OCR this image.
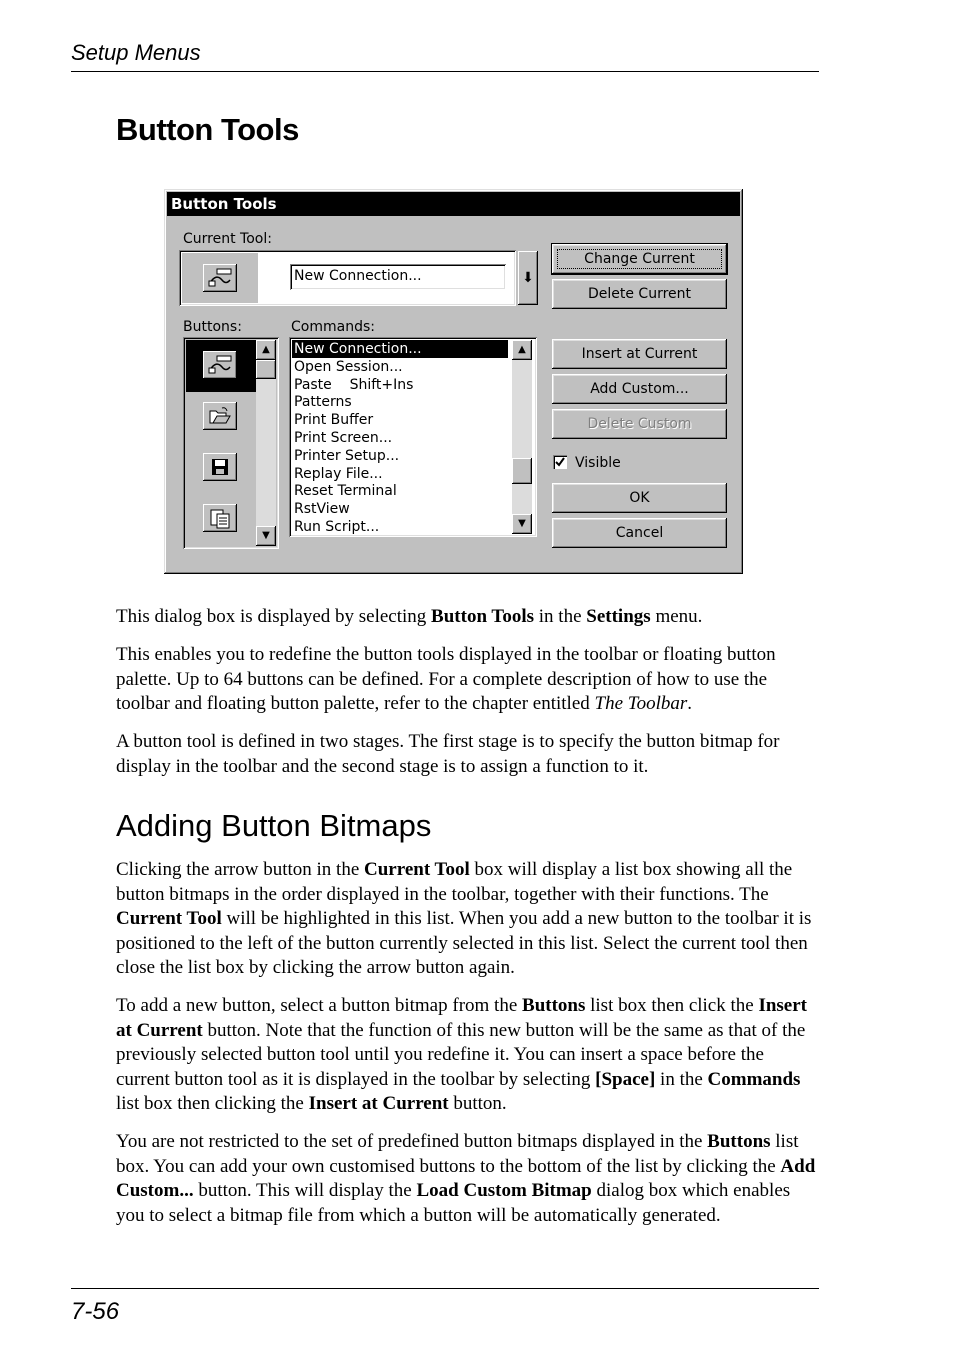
Setup Menus
Button Tools
Button Tools
Current Tool:
New Connection...	⬇
Change Current
Delete Current
Buttons:	Commands:
▲
▼
New Connection...
Open Session...
Paste    Shift+Ins
Patterns
Print Buffer
Print Screen...
Printer Setup...
Replay File...
Reset Terminal
RstView
Run Script...
▲
▼
Insert at Current
Add Custom...
Delete Custom
Visible
OK
Cancel

This dialog box is displayed by selecting Button Tools in the Settings menu.

This enables you to redefine the button tools displayed in the toolbar or floating button palette. Up to 64 buttons can be defined. For a complete description of how to use the toolbar and floating button palette, refer to the chapter entitled The Toolbar.

A button tool is defined in two stages. The first stage is to specify the button bitmap for display in the toolbar and the second stage is to assign a function to it.

Adding Button Bitmaps

Clicking the arrow button in the Current Tool box will display a list box showing all the button bitmaps in the order displayed in the toolbar, together with their functions. The Current Tool will be highlighted in this list. When you add a new button to the toolbar it is positioned to the left of the button currently selected in this list. Select the current tool then close the list box by clicking the arrow button again.

To add a new button, select a button bitmap from the Buttons list box then click the Insert at Current button. Note that the function of this new button will be the same as that of the previously selected button tool until you redefine it. You can insert a space before the current button tool as it is displayed in the toolbar by selecting [Space] in the Commands list box then clicking the Insert at Current button.

You are not restricted to the set of predefined button bitmaps displayed in the Buttons list box. You can add your own customised buttons to the bottom of the list by clicking the Add Custom... button. This will display the Load Custom Bitmap dialog box which enables you to select a bitmap file from which a button will be automatically generated.

7-56
